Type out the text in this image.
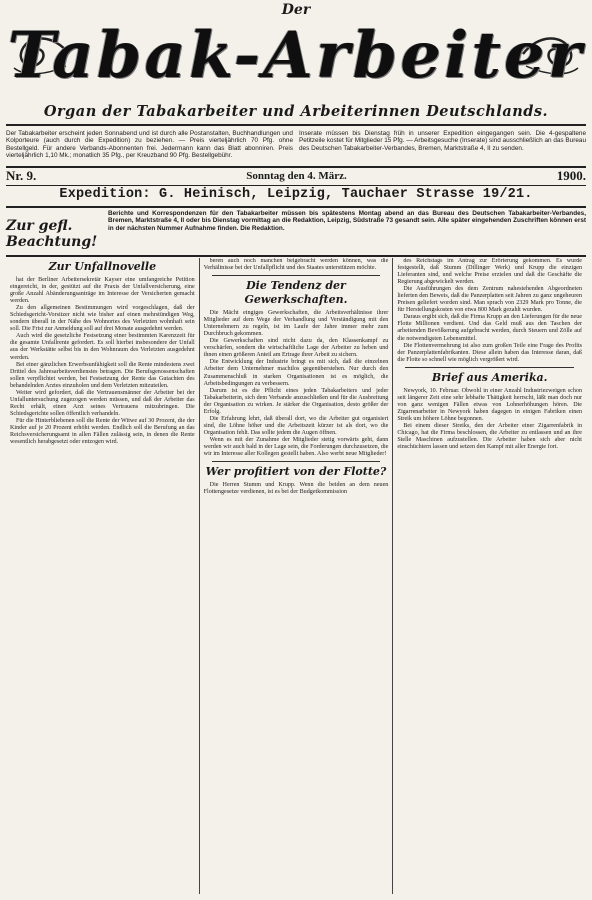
Der
Tabak-Arbeiter
Organ der Tabakarbeiter und Arbeiterinnen Deutschlands.
Der Tabakarbeiter erscheint jeden Sonnabend und ist durch alle Postanstalten, Buchhandlungen und Kolporteure (auch durch die Expedition) zu beziehen. — Preis vierteljährlich 70 Pfg. ohne Bestellgeld. Für andere Verbands-Abonnenten frei. Jedermann kann das Blatt abonniren. Preis vierteljährlich 1,10 Mk.; monatlich 35 Pfg., per Kreuzband 90 Pfg. Bestellgebühr.
Inserate müssen bis Dienstag früh in unserer Expedition eingegangen sein. Die 4-gespaltene Petitzeile kostet für Mitglieder 15 Pfg. — Arbeitsgesuche (Inserate) sind ausschließlich an das Bureau des Deutschen Tabakarbeiter-Verbandes, Bremen, Marktstraße 4, II zu senden.
Nr. 9.	Sonntag den 4. März.	1900.
Expedition: G. Heinisch, Leipzig, Tauchaer Strasse 19/21.
Zur gefl. Beachtung!
Berichte und Korrespondenzen für den Tabakarbeiter müssen bis spätestens Montag abend an das Bureau des Deutschen Tabakarbeiter-Verbandes, Bremen, Marktstraße 4, II oder bis Dienstag vormittag an die Redaktion, Leipzig, Südstraße 73 gesandt sein. Alle später eingehenden Zuschriften können erst in der nächsten Nummer Aufnahme finden. Die Redaktion.
Zur Unfallnovelle

hat der Berliner Arbeitersekretär Kayser eine umfangreiche Petition eingereicht, in der, gestützt auf die Praxis der Unfallversicherung, eine große Anzahl Abänderungsanträge im Interesse der Versicherten gemacht werden.

Zu den allgemeinen Bestimmungen wird vorgeschlagen, daß der Schiedsgericht-Vorsitzer nicht wie bisher auf einen mehrstündigen Weg, sondern überall in der Nähe des Wohnortes des Verletzten wohnhaft sein soll. Die Frist zur Anmeldung soll auf drei Monate ausgedehnt werden.

Auch wird die gesetzliche Festsetzung einer bestimmten Karenzzeit für die gesamte Unfallrente gefordert. Es soll hierbei insbesondere der Unfall aus der Werkstätte selbst bis in den Wohnraum des Verletzten ausgedehnt werden.

Bei einer gänzlichen Erwerbsunfähigkeit soll die Rente mindestens zwei Drittel des Jahresarbeitsverdienstes betragen. Die Berufsgenossenschaften sollen verpflichtet werden, bei Festsetzung der Rente das Gutachten des behandelnden Arztes einzuholen und dem Verletzten mitzuteilen.

Weiter wird gefordert, daß die Vertrauensmänner der Arbeiter bei der Unfalluntersuchung zugezogen werden müssen, und daß der Arbeiter das Recht erhält, einen Arzt seines Vertrauens mitzubringen. Die Schiedsgerichte sollen öffentlich verhandeln.

Für die Hinterbliebenen soll die Rente der Witwe auf 30 Prozent, die der Kinder auf je 20 Prozent erhöht werden. Endlich soll die Berufung an das Reichsversicherungsamt in allen Fällen zulässig sein, in denen die Rente wesentlich herabgesetzt oder entzogen wird.

beren auch noch manchen beigebracht werden können, was die Verhältnisse bei der Unfallpflicht und des Staates unterstützen möchte.

Die Tendenz der Gewerkschaften.

Die Mächt eingiges Gewerkschaften, die Arbeitsverhältnisse ihrer Mitglieder auf dem Wege der Verhandlung und Verständigung mit den Unternehmern zu regeln, ist im Laufe der Jahre immer mehr zum Durchbruch gekommen.

Die Gewerkschaften sind nicht dazu da, den Klassenkampf zu verschärfen, sondern die wirtschaftliche Lage der Arbeiter zu heben und ihnen einen größeren Anteil am Ertrage ihrer Arbeit zu sichern.

Die Entwicklung der Industrie bringt es mit sich, daß die einzelnen Arbeiter dem Unternehmer machtlos gegenüberstehen. Nur durch den Zusammenschluß in starken Organisationen ist es möglich, die Arbeitsbedingungen zu verbessern.

Darum ist es die Pflicht eines jeden Tabakarbeiters und jeder Tabakarbeiterin, sich dem Verbande anzuschließen und für die Ausbreitung der Organisation zu wirken. Je stärker die Organisation, desto größer der Erfolg.

Die Erfahrung lehrt, daß überall dort, wo die Arbeiter gut organisiert sind, die Löhne höher und die Arbeitszeit kürzer ist als dort, wo die Organisation fehlt. Das sollte jedem die Augen öffnen.

Wenn es mit der Zunahme der Mitglieder stetig vorwärts geht, dann werden wir auch bald in der Lage sein, die Forderungen durchzusetzen, die wir im Interesse aller Kollegen gestellt haben. Also werbt neue Mitglieder!

Wer profitiert von der Flotte?

Die Herren Stumm und Krupp. Wenn die beiden an dem neuen Flottengesetze verdienen, ist es bei der Budgetkommission

des Reichstags im Antrag zur Erörterung gekommen. Es wurde festgestellt, daß Stumm (Dillinger Werk) und Krupp die einzigen Lieferanten sind, und welche Preise erzielen und daß die Geschäfte die Regierung abgewickelt werden.

Die Ausführungen des dem Zentrum nahestehenden Abgeordneten lieferten den Beweis, daß die Panzerplatten seit Jahren zu ganz ungeheuren Preisen geliefert worden sind. Man sprach von 2329 Mark pro Tonne, die für Herstellungskosten von etwa 800 Mark gezahlt wurden.

Daraus ergibt sich, daß die Firma Krupp an den Lieferungen für die neue Flotte Millionen verdient. Und das Geld muß aus den Taschen der arbeitenden Bevölkerung aufgebracht werden, durch Steuern und Zölle auf die notwendigsten Lebensmittel.

Die Flottenvermehrung ist also zum großen Teile eine Frage des Profits der Panzerplattenfabrikanten. Diese allein haben das Interesse daran, daß die Flotte so schnell wie möglich vergrößert wird.

Brief aus Amerika.

Newyork, 10. Februar. Obwohl in einer Anzahl Industriezweigen schon seit längerer Zeit eine sehr lebhafte Thätigkeit herrscht, läßt man doch nur von ganz wenigen Fällen etwas von Lohnerhöhungen hören. Die Zigarrenarbeiter in Newyork haben dagegen in einigen Fabriken einen Streik um höhere Löhne begonnen.

Bei einem dieser Streiks, den der Arbeiter einer Zigarrenfabrik in Chicago, hat die Firma beschlossen, die Arbeiter zu entlassen und an ihre Stelle Maschinen aufzustellen. Die Arbeiter haben sich aber nicht einschüchtern lassen und setzen den Kampf mit aller Energie fort.
